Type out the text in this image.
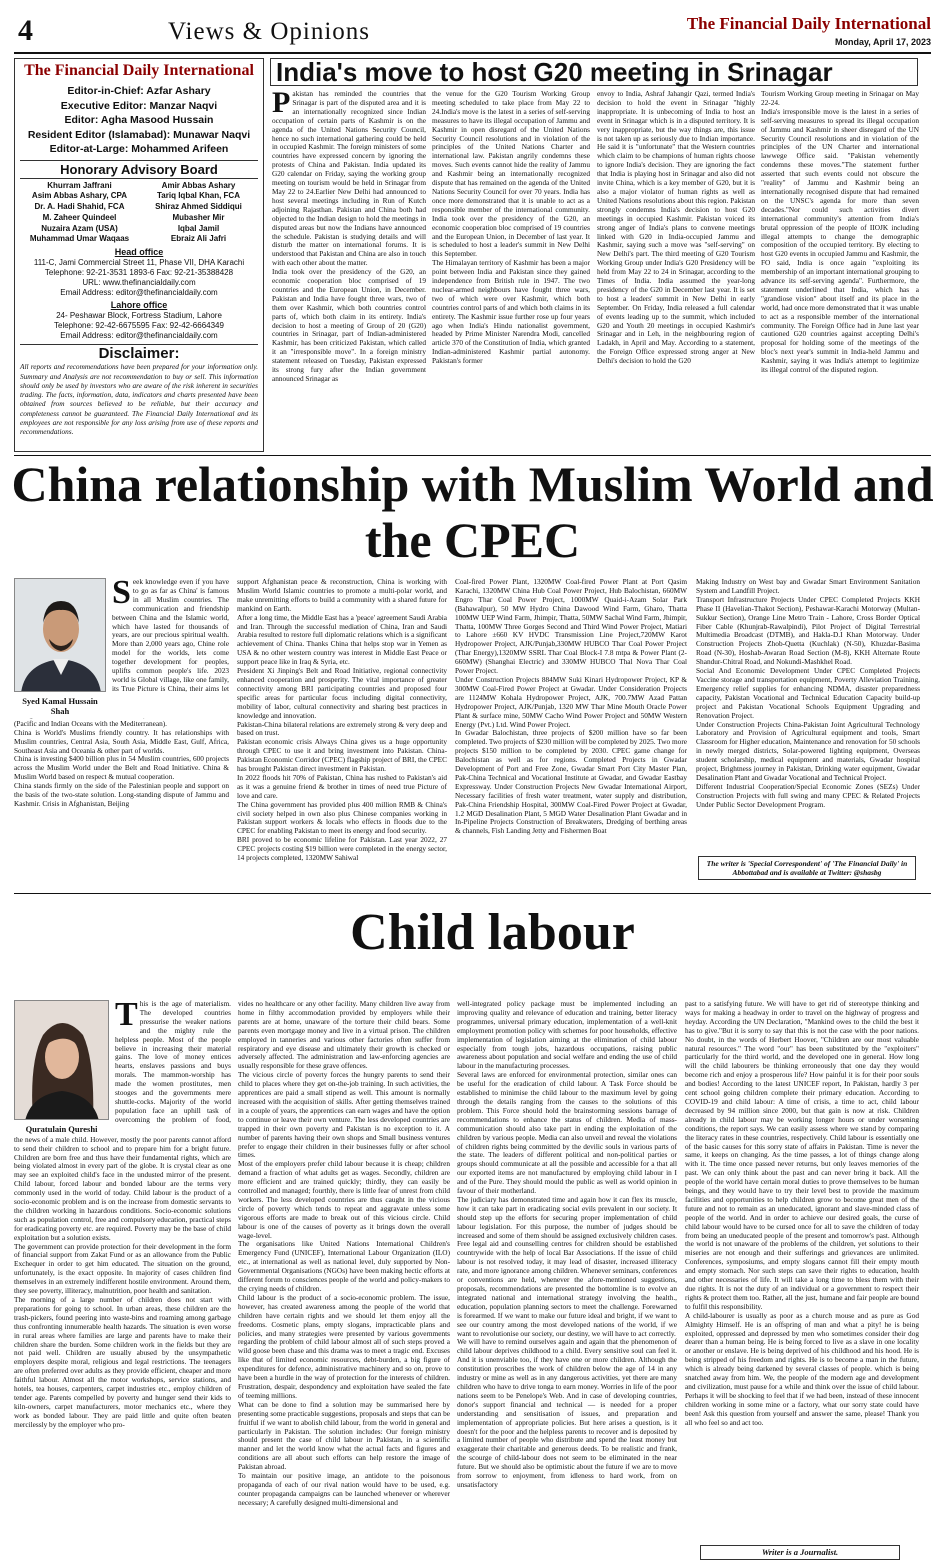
4	Views & Opinions	The Financial Daily International
Monday, April 17, 2023
The Financial Daily International
Editor-in-Chief: Azfar Ashary
Executive Editor: Manzar Naqvi
Editor: Agha Masood Hussain
Resident Editor (Islamabad): Munawar Naqvi
Editor-at-Large: Mohammed Arifeen
Honorary Advisory Board

Khurram Jaffrani

Asim Abbas Ashary, CPA

Dr. A. Hadi Shahid, FCA

M. Zaheer Quindeel

Nuzaira Azam (USA)

Muhammad Umar Waqaas

Amir Abbas Ashary

Tariq Iqbal Khan, FCA

Shiraz Ahmed Siddiqui

Mubasher Mir

Iqbal Jamil

Ebraiz Ali Jafri

Head office

111-C, Jami Commercial Street 11, Phase VII, DHA Karachi

Telephone: 92-21-3531 1893-6 Fax: 92-21-35388428

URL: www.thefinancialdaily.com

Email Address: editor@thefinancialdaily.com

Lahore office

24- Peshawar Block, Fortress Stadium, Lahore

Telephone: 92-42-6675595 Fax: 92-42-6664349

Email Address: editor@thefinancialdaily.com

Disclaimer:
All reports and recommendations have been prepared for your information only. Summary and Analysis are not recommendation to buy or sell. This information should only be used by investors who are aware of the risk inherent in securities trading. The facts, information, data, indicators and charts presented have been obtained from sources believed to be reliable, but their accuracy and completeness cannot be guaranteed. The Financial Daily International and its employees are not responsible for any loss arising from use of these reports and recommendations.
India's move to host G20 meeting in Srinagar
Pakistan has reminded the countries that Srinagar is part of the disputed area and it is an internationally recognized since Indian occupation of certain parts of Kashmir is on the agenda of the United Nations Security Council, hence no such international gathering could be held in occupied Kashmir. The foreign ministers of some countries have expressed concern by ignoring the protests of China and Pakistan. India updated its G20 calendar on Friday, saying the working group meeting on tourism would be held in Srinagar from May 22 to 24.Earlier New Delhi had announced to host several meetings including in Run of Kutch adjoining Rajasthan. Pakistan and China both had objected to the Indian design to hold the meetings in disputed areas but now the Indians have announced the schedule. Pakistan is studying details and will disturb the matter on international forums. It is understood that Pakistan and China are also in touch with each other about the matter.
India took over the presidency of the G20, an economic cooperation bloc comprised of 19 countries and the European Union, in December. Pakistan and India have fought three wars, two of them over Kashmir, which both countries control parts of, which both claim in its entirety. India's decision to host a meeting of Group of 20 (G20) countries in Srinagar, part of Indian-administered Kashmir, has been criticized Pakistan, which called it an "irresponsible move". In a foreign ministry statement released on Tuesday, Pakistan expressed its strong fury after the Indian government announced Srinagar as
the venue for the G20 Tourism Working Group meeting scheduled to take place from May 22 to 24.India's move is the latest in a series of self-serving measures to have its illegal occupation of Jammu and Kashmir in open disregard of the United Nations Security Council resolutions and in violation of the principles of the United Nations Charter and international law. Pakistan angrily condemns these moves. Such events cannot hide the reality of Jammu and Kashmir being an internationally recognized dispute that has remained on the agenda of the United Nations Security Council for over 70 years. India has once more demonstrated that it is unable to act as a responsible member of the international community. India took over the presidency of the G20, an economic cooperation bloc comprised of 19 countries and the European Union, in December of last year. It is scheduled to host a leader's summit in New Delhi this September.
The Himalayan territory of Kashmir has been a major point between India and Pakistan since they gained independence from British rule in 1947. The two nuclear-armed neighbours have fought three wars, two of which were over Kashmir, which both countries control parts of and which both claims in its entirety. The Kashmir issue further rose up four years ago when India's Hindu nationalist government, headed by Prime Minister Narendra Modi, cancelled article 370 of the Constitution of India, which granted Indian-administered Kashmir partial autonomy. Pakistan's former
envoy to India, Ashraf Jahangir Qazi, termed India's decision to hold the event in Srinagar "highly inappropriate. It is unbecoming of India to host an event in Srinagar which is in a disputed territory. It is very inappropriate, but the way things are, this issue is not taken up as seriously due to Indian importance. He said it is "unfortunate" that the Western countries which claim to be champions of human rights choose to ignore India's decision. They are ignoring the fact that India is playing host in Srinagar and also did not invite China, which is a key member of G20, but it is also a major violator of human rights as well as United Nations resolutions about this region. Pakistan strongly condemns India's decision to host G20 meetings in occupied Kashmir. Pakistan voiced its strong anger of India's plans to convene meetings linked with G20 in India-occupied Jammu and Kashmir, saying such a move was "self-serving" on New Delhi's part. The third meeting of G20 Tourism Working Group under India's G20 Presidency will be held from May 22 to 24 in Srinagar, according to the Times of India. India assumed the year-long presidency of the G20 in December last year. It is set to host a leaders' summit in New Delhi in early September. On Friday, India released a full calendar of events leading up to the summit, which included G20 and Youth 20 meetings in occupied Kashmir's Srinagar and in Leh, in the neighbouring region of Ladakh, in April and May. According to a statement, the Foreign Office expressed strong anger at New Delhi's decision to hold the G20
Tourism Working Group meeting in Srinagar on May 22-24.
India's irresponsible move is the latest in a series of self-serving measures to spread its illegal occupation of Jammu and Kashmir in sheer disregard of the UN Security Council resolutions and in violation of the principles of the UN Charter and international lawwege Office said. "Pakistan vehemently condemns these moves."The statement further asserted that such events could not obscure the "reality" of Jammu and Kashmir being an internationally recognised dispute that had remained on the UNSC's agenda for more than seven decades."Nor could such activities divert international community's attention from India's brutal oppression of the people of IIOJK including illegal attempts to change the demographic composition of the occupied territory. By electing to host G20 events in occupied Jammu and Kashmir, the FO said, India is once again "exploiting its membership of an important international grouping to advance its self-serving agenda". Furthermore, the statement underlined that India, which has a "grandiose vision" about itself and its place in the world, had once more demonstrated that it was unable to act as a responsible member of the international community. The Foreign Office had in June last year cautioned G20 countries against accepting Delhi's proposal for holding some of the meetings of the bloc's next year's summit in India-held Jammu and Kashmir, saying it was India's attempt to legitimize its illegal control of the disputed region.
China relationship with Muslim World and the CPEC
Syed Kamal Hussain Shah
Seek knowledge even if you have to go as far as China' is famous in all Muslim countries. The communication and friendship between China and the Islamic world, which have lasted for thousands of years, are our precious spiritual wealth. More than 2,000 years ago, Chine role model for the worlds, lets come together development for peoples, uplifts common people's life. 2023 world is Global village, like one family, its True Picture is China, their aims let

(Pacific and Indian Oceans with the Mediterranean).
China is World's Muslims friendly country. It has relationships with Muslim countries, Central Asia, South Asia, Middle East, Gulf, Africa, Southeast Asia and Oceania & other part of worlds.
China is investing $400 billion plus in 54 Muslim countries, 600 projects across the Muslim World under the Belt and Road Initiative. China & Muslim World based on respect & mutual cooperation.
China stands firmly on the side of the Palestinian people and support on the basis of the two-state solution. Long-standing dispute of Jammu and Kashmir. Crisis in Afghanistan, Beijing
support Afghanistan peace & reconstruction, China is working with Muslim World Islamic countries to promote a multi-polar world, and make unremitting efforts to build a community with a shared future for mankind on Earth.
After a long time, the Middle East has a 'peace' agreement Saudi Arabia and Iran. Through the successful mediation of China, Iran and Saudi Arabia resulted to restore full diplomatic relations which is a significant achievement of China. Thanks China that helps stop war in Yemen as USA & no other western country was interest in Middle East Peace or support peace like in Iraq & Syria, etc.
President Xi Jinping's Belt and Road Initiative, regional connectivity enhanced cooperation and prosperity. The vital importance of greater connectivity among BRI participating countries and proposed four specific areas for particular focus including digital connectivity, mobility of labor, cultural connectivity and sharing best practices in knowledge and innovation.
Pakistan-China bilateral relations are extremely strong & very deep and based on trust.
Pakistan economic crisis Always China gives us a huge opportunity through CPEC to use it and bring investment into Pakistan. China-Pakistan Economic Corridor (CPEC) flagship project of BRI, the CPEC has brought Pakistan direct investment in Pakistan.
In 2022 floods hit 70% of Pakistan, China has rushed to Pakistan's aid as it was a genuine friend & brother in times of need true Picture of love and care.
The China government has provided plus 400 million RMB & China's civil society helped in own also plus Chinese companies working in Pakistan support workers & locals who effects in floods due to the CPEC for enabling Pakistan to meet its energy and food security.
BRI proved to be economic lifeline for Pakistan. Last year 2022, 27 CPEC projects costing $19 billion were completed in the energy sector, 14 projects completed, 1320MW Sahiwal
Coal-fired Power Plant, 1320MW Coal-fired Power Plant at Port Qasim Karachi, 1320MW China Hub Coal Power Project, Hub Balochistan, 660MW Engro Thar Coal Power Project, 1000MW Quaid-i-Azam Solar Park (Bahawalpur), 50 MW Hydro China Dawood Wind Farm, Gharo, Thatta 100MW UEP Wind Farm, Jhimpir, Thatta, 50MW Sachal Wind Farm, Jhimpir, Thatta, 100MW Three Gorges Second and Third Wind Power Project, Matiari to Lahore ±660 KV HVDC Transmission Line Project,720MW Karot Hydropower Project, AJK/Punjab,330MW HUBCO Thar Coal Power Project (Thar Energy),1320MW SSRL Thar Coal Block-I 7.8 mtpa & Power Plant (2-660MW) (Shanghai Electric) and 330MW HUBCO Thal Nova Thar Coal Power Project.
Under Construction Projects 884MW Suki Kinari Hydropower Project, KP & 300MW Coal-Fired Power Project at Gwadar. Under Consideration Projects are 1124MW Kohala Hydropower Project, AJK, 700.7MW Azad Pattan Hydropower Project, AJK/Punjab, 1320 MW Thar Mine Mouth Oracle Power Plant & surface mine, 50MW Cacho Wind Power Project and 50MW Western Energy (Pvt.) Ltd. Wind Power Project.
In Gwadar Balochistan, three projects of $200 million have so far been completed. Two projects of $230 million will be completed by 2025. Two more projects $150 million to be completed by 2030. CPEC game change for Balochistan as well as for regions. Completed Projects in Gwadar Development of Port and Free Zone, Gwadar Smart Port City Master Plan, Pak-China Technical and Vocational Institute at Gwadar, and Gwadar Eastbay Expressway. Under Construction Projects New Gwadar International Airport, Necessary facilities of fresh water treatment, water supply and distribution, Pak-China Friendship Hospital, 300MW Coal-Fired Power Project at Gwadar, 1.2 MGD Desalination Plant, 5 MGD Water Desalination Plant Gwadar and in In-Pipeline Projects Construction of Breakwaters, Dredging of berthing areas & channels, Fish Landing Jetty and Fishermen Boat
Making Industry on West bay and Gwadar Smart Environment Sanitation System and Landfill Project.
Transport Infrastructure Projects Under CPEC Completed Projects KKH Phase II (Havelian-Thakot Section), Peshawar-Karachi Motorway (Multan-Sukkur Section), Orange Line Metro Train - Lahore, Cross Border Optical Fiber Cable (Khunjrab-Rawalpindi), Pilot Project of Digital Terrestrial Multimedia Broadcast (DTMB), and Hakla-D.I Khan Motorway. Under Construction Projects Zhob-Quetta (Kuchlak) (N-50), Khuzdar-Basima Road (N-30), Hoshab-Awaran Road Section (M-8), KKH Alternate Route Shandur-Chitral Road, and Nokundi-Mashkhel Road.
Social And Economic Development Under CPEC Completed Projects Vaccine storage and transportation equipment, Poverty Alleviation Training, Emergency relief supplies for enhancing NDMA, disaster preparedness capacity, Pakistan Vocational and Technical Education Capacity build-up project and Pakistan Vocational Schools Equipment Upgrading and Renovation Project.
Under Construction Projects China-Pakistan Joint Agricultural Technology Laboratory and Provision of Agricultural equipment and tools, Smart Classroom for Higher education, Maintenance and renovation for 50 schools in newly merged districts, Solar-powered lighting equipment, Overseas student scholarship, medical equipment and materials, Gwadar hospital project, Brightness journey in Pakistan, Drinking water equipment, Gwadar Desalination Plant and Gwadar Vocational and Technical Project.
Different Industrial Cooperation/Special Economic Zones (SEZs) Under Construction Projects with full swing and many CPEC & Related Projects Under Public Sector Development Program.
The writer is 'Special Correspondent' of 'The Financial Daily' in Abbottabad and is available at Twitter: @shasbg
Child labour
Quratulain Qureshi
This is the age of materialism. The developed countries pressurise the weaker nations and the mighty rule the helpless people. Most of the people believe in increasing their material gains. The love of money entices hearts, enslaves passions and buys morals. The mammon-worship has made the women prostitutes, men stooges and the governments mere shuttle-cocks. Majority of the world population face an uphill task of overcoming the problem of food,

the news of a male child. However, mostly the poor parents cannot afford to send their children to school and to prepare him for a bright future. Children are born free and thus have their fundamental rights, which are being violated almost in every part of the globe. It is crystal clear as one may see an exploited child's face in the undusted mirror of the present. Child labour, forced labour and bonded labour are the terms very commonly used in the world of today. Child labour is the product of a socio-economic problem and is on the increase from domestic servants to the children working in hazardous conditions. Socio-economic solutions such as population control, free and compulsory education, practical steps for eradicating poverty etc. are required. Poverty may be the base of child exploitation but a solution exists.
The government can provide protection for their development in the form of financial support from Zakat Fund or as an allowance from the Public Exchequer in order to get him educated. The situation on the ground, unfortunately, is the exact opposite. In majority of cases children find themselves in an extremely indifferent hostile environment. Around them, they see poverty, illiteracy, malnutrition, poor health and sanitation.
The morning of a large number of children does not start with preparations for going to school. In urban areas, these children are the trash-pickers, found peering into waste-bins and roaming among garbage thus confronting innumerable health hazards. The situation is even worse in rural areas where families are large and parents have to make their children share the burden. Some children work in the fields but they are not paid well. Children are usually abused by the unsympathetic employers despite moral, religious and legal restrictions. The teenagers are often preferred over adults as they provide efficient, cheaper and more faithful labour. Almost all the motor workshops, service stations, and hotels, tea houses, carpenters, carpet industries etc., employ children of tender age. Parents compelled by poverty and hunger send their kids to kiln-owners, carpet manufacturers, motor mechanics etc., where they work as bonded labour. They are paid little and quite often beaten mercilessly by the employer who pro-
vides no healthcare or any other facility. Many children live away from home in filthy accommodation provided by employers while their parents are at home, unaware of the torture their child bears. Some parents even mortgage money and live in a virtual prison. The children employed in tanneries and various other factories often suffer from respiratory and eye disease and ultimately their growth is checked or adversely affected. The administration and law-enforcing agencies are usually responsible for these grave offences.
The vicious circle of poverty forces the hungry parents to send their child to places where they get on-the-job training. In such activities, the apprentices are paid a small stipend as well. This amount is normally increased with the acquisition of skills. After getting themselves trained in a couple of years, the apprentices can earn wages and have the option to continue or leave their own venture. The less developed countries are trapped in their own poverty and Pakistan is no exception to it. A number of parents having their own shops and Small business ventures prefer to engage their children in their businesses fully or after school times.
Most of the employers prefer child labour because it is cheap; children demand a fraction of what adults get as wages. Secondly, children are more efficient and are trained quickly; thirdly, they can easily be controlled and managed; fourthly, there is little fear of unrest from child workers. The less developed countries are thus caught in the vicious circle of poverty which tends to repeat and aggravate unless some vigorous efforts are made to break out of this vicious circle. Child labour is one of the causes of poverty as it brings down the overall wage-level.
The organisations like United Nations International Children's Emergency Fund (UNICEF), International Labour Organization (ILO) etc., at international as well as national level, duly supported by Non-Governmental Organisations (NGOs) have been making hectic efforts at different forum to consciences people of the world and policy-makers to the crying needs of children.
Child labour is the product of a socio-economic problem. The issue, however, has created awareness among the people of the world that children have certain rights and we should let them enjoy all the freedoms. Cosmetic plans, empty slogans, impracticable plans and policies, and many strategies were presented by various governments regarding the problem of child labour almost all of such steps proved a wild goose been chase and this drama was to meet a tragic end. Excuses like that of limited economic resources, debt-burden, a big figure of expenditures for defence, administrative machinery and so on, prove to have been a hurdle in the way of protection for the interests of children. Frustration, despair, despondency and exploitation have sealed the fate of teeming millions.
What can be done to find a solution may be summarised here by presenting some practicable suggestions, proposals and steps that can be fruitful if we want to abolish child labour, from the world in general and particularly in Pakistan. The solution includes: Our foreign ministry should present the case of child labour in Pakistan, in a scientific manner and let the world know what the actual facts and figures and conditions are all about such efforts can help restore the image of Pakistan abroad.
To maintain our positive image, an antidote to the poisonous propaganda of each of our rival nation would have to be used, e.g. counter propaganda campaigns can be launched whenever or wherever necessary; A carefully designed multi-dimensional and
well-integrated policy package must be implemented including an improving quality and relevance of education and training, better literacy programmes, universal primary education, implementation of a well-knit employment promotion policy with schemes for poor households, effective implementation of legislation aiming at the elimination of child labour especially from tough jobs, hazardous occupations, raising public awareness about population and social welfare and ending the use of child labour in the manufacturing processes.
Several laws are enforced for environmental protection, similar ones can be useful for the eradication of child labour. A Task Force should be established to minimise the child labour to the maximum level by going through the details ranging from the causes to the solutions of this problem. This Force should hold the brainstorming sessions barrage of recommendations to enhance the status of children. Media of mass-communication should also take part in ending the exploitation of the children by various people. Media can also unveil and reveal the violations of children rights being committed by the devilic souls in various parts of the state. The leaders of different political and non-political parties or groups should communicate at all the possible and accessible for a that all our exported items are not manufactured by employing child labour in I and of the Pure. They should mould the public as well as world opinion in favour of their motherland.
The judiciary has demonstrated time and again how it can flex its muscle, how it can take part in eradicating social evils prevalent in our society. It should step up the efforts for securing proper implementation of child labour legislation. For this purpose, the number of judges should be increased and some of them should be assigned exclusively children cases. Free legal aid and counselling centres for children should be established countrywide with the help of local Bar Associations. If the issue of child labour is not resolved today, it may lead of disaster, increased illiteracy rate, and more ignorance among children. Whenever seminars, conferences or conventions are held, whenever the afore-mentioned suggestions, proposals, recommendations are presented the bottomline is to evolve an integrated national and international strategy involving the health., education, population planning sectors to meet the challenge. Forewarned is forearmed. If we want to make our future ideal and bright, if we want to see our country among the most developed nations of the world, if we want to revolutionise our society, our destiny, we will have to act correctly.
We will have to remind ourselves again and again that the phenomenon of child labour deprives childhood to a child. Every sensitive soul can feel it. And it is unenviable too, if they have one or more children. Although the constitution proscribes the work of children below the age of 14 in any industry or mine as well as in any dangerous activities, yet there are many children who have to drive tonga to earn money. Worries in life of the poor nations seem to be Penelope's Web. And in case of developing countries, donor's support financial and technical — is needed for a proper understanding and sensitisation of issues, and preparation and implementation of appropriate policies. But here arises a question, is it doesn't for the poor and the helpless parents to recover and is deposited by a limited number of people who distribute and spend the least money but exaggerate their charitable and generous deeds. To be realistic and frank, the scourge of child-labour does not seem to be eliminated in the near future. But we should also be optimistic about the future if we are to move from sorrow to enjoyment, from idleness to hard work, from on unsatisfactory
past to a satisfying future. We will have to get rid of stereotype thinking and ways for making a headway in order to travel on the highway of progress and heyday. According the UN Declaration, "Mankind owes to the child the best it has to give."But it is sorry to say that this is not the case with the poor nations. No doubt, in the words of Herbert Hoover, "Children are our most valuable natural resources." The word "our" has been substituted by the "exploiters" particularly for the third world, and the developed one in general. How long will the child labourers be thinking erroneously that one day they would become rich and enjoy a prosperous life? How painful it is for their poor souls and bodies! According to the latest UNICEF report, In Pakistan, hardly 3 per cent school going children complete their primary education. According to COVID-19 and child labour: A time of crisis, a time to act, child labour decreased by 94 million since 2000, but that gain is now at risk. Children already in child labour may be working longer hours or under worsening conditions, the report says. We can easily assess where we stand by comparing the literacy rates in these countries, respectively. Child labour is essentially one of the basic causes for this sorry state of affairs in Pakistan. Time is never the same, it keeps on changing. As the time passes, a lot of things change along with it. The time once passed never returns, but only leaves memories of the past. We can only think about the past and can never bring it back. All the people of the world have certain moral duties to prove themselves to be human beings, and they would have to try their level best to provide the maximum facilities and opportunities to help children grow to become great men of the future and not to remain as an uneducated, ignorant and slave-minded class of people of the world. And in order to achieve our desired goals, the curse of child labour would have to be cursed once for all to save the children of today from being an uneducated people of the present and tomorrow's past. Although the world is not unaware of the problems of the children, yet solutions to their miseries are not enough and their sufferings and grievances are unlimited. Conferences, symposiums, and empty slogans cannot fill their empty mouth and empty stomach. Nor such steps can save their rights to education, health and other necessaries of life. It will take a long time to bless them with their due rights. It is not the duty of an individual or a government to respect their rights & protect them too. Rather, all the just, humane and fair people are bound to fulfil this responsibility.
A child-labourer is usually as poor as a church mouse and as pure as God Almighty Himself. He is an offspring of man and what a pity! he is being exploited, oppressed and depressed by men who sometimes consider their dog dearer than a human being. He is being forced to live as a slave in one locality or another or enslave. He is being deprived of his childhood and his hood. He is being stripped of his freedom and rights. He is to become a man in the future, which is already being darkened by several classes of people. which is being snatched away from him. We, the people of the modern age and development and civilization, must pause for a while and think over the issue of child labour. Perhaps it will be shocking to feel that if we had been, instead of these innocent children working in some mine or a factory, what our sorry state could have been! Ask this question from yourself and answer the same, please! Thank you all who feel so and act too.
Writer is a Journalist.
